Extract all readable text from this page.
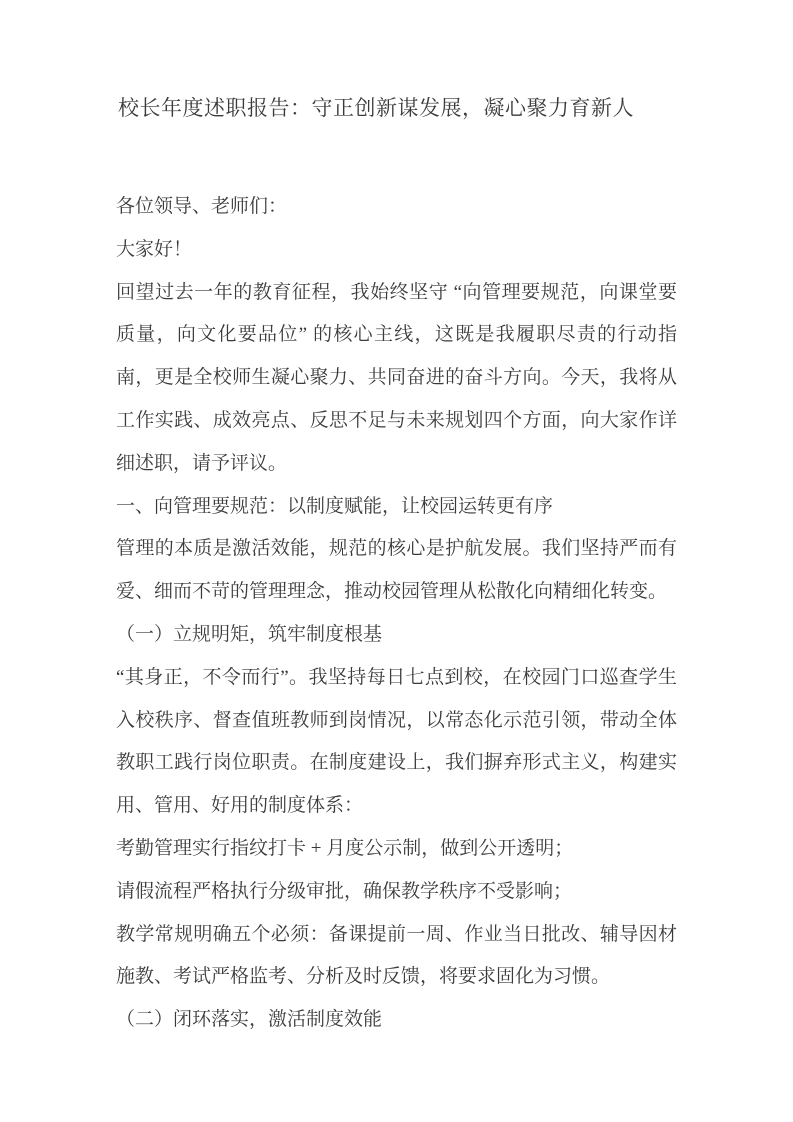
校长年度述职报告：守正创新谋发展，凝心聚力育新人

各位领导、老师们：

大家好！

回望过去一年的教育征程，我始终坚守 “向管理要规范，向课堂要质量，向文化要品位” 的核心主线，这既是我履职尽责的行动指南，更是全校师生凝心聚力、共同奋进的奋斗方向。今天，我将从工作实践、成效亮点、反思不足与未来规划四个方面，向大家作详细述职，请予评议。

一、向管理要规范：以制度赋能，让校园运转更有序

管理的本质是激活效能，规范的核心是护航发展。我们坚持严而有爱、细而不苛的管理理念，推动校园管理从松散化向精细化转变。

（一）立规明矩，筑牢制度根基

“其身正，不令而行”。我坚持每日七点到校，在校园门口巡查学生入校秩序、督查值班教师到岗情况，以常态化示范引领，带动全体教职工践行岗位职责。在制度建设上，我们摒弃形式主义，构建实用、管用、好用的制度体系：

考勤管理实行指纹打卡 + 月度公示制，做到公开透明；

请假流程严格执行分级审批，确保教学秩序不受影响；

教学常规明确五个必须：备课提前一周、作业当日批改、辅导因材施教、考试严格监考、分析及时反馈，将要求固化为习惯。

（二）闭环落实，激活制度效能
